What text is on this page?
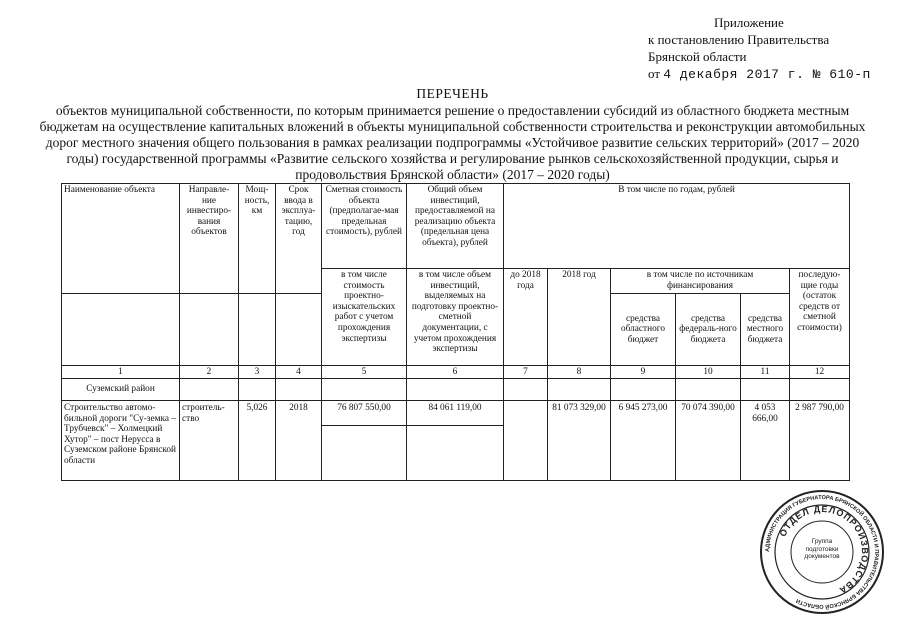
Приложение
к постановлению Правительства
Брянской области
от 4 декабря 2017 г. № 610-п
ПЕРЕЧЕНЬ
объектов муниципальной собственности, по которым принимается решение о предоставлении субсидий из областного бюджета местным бюджетам на осуществление капитальных вложений в объекты муниципальной собственности строительства и реконструкции автомобильных дорог местного значения общего пользования в рамках реализации подпрограммы «Устойчивое развитие сельских территорий» (2017 – 2020 годы) государственной программы «Развитие сельского хозяйства и регулирование рынков сельскохозяйственной продукции, сырья и продовольствия Брянской области» (2017 – 2020 годы)
Наименование объекта	Направле-ние инвестиро-вания объектов	Мощ-ность, км	Срок ввода в эксплуа-тацию, год	Сметная стоимость объекта (предполагае-мая предельная стоимость), рублей	Общий объем инвестиций, предоставляемой на реализацию объекта (предельная цена объекта), рублей	В том числе по годам, рублей					
				в том числе стоимость проектно-изыскательских работ с учетом прохождения экспертизы	в том числе объем инвестиций, выделяемых на подготовку проектно-сметной документации, с учетом прохождения экспертизы	до 2018 года	2018 год	в том числе по источникам финансирования			последую-щие годы (остаток средств от сметной стоимости)
								средства областного бюджет	средства федераль-ного бюджета	средства местного бюджета	
1	2	3	4	5	6	7	8	9	10	11	12
Суземский район											
Строительство автомо-бильной дороги "Су-земка – Трубчевск" – Холмецкий Хутор" – пост Неруссa в Суземском районе Брянской области	строитель-ство	5,026	2018	76 807 550,00	84 061 119,00		81 073 329,00	6 945 273,00	70 074 390,00	4 053 666,00	2 987 790,00

АДМИНИСТРАЦИЯ ГУБЕРНАТОРА БРЯНСКОЙ ОБЛАСТИ И ПРАВИТЕЛЬСТВА БРЯНСКОЙ ОБЛАСТИ
ОТДЕЛ ДЕЛОПРОИЗВОДСТВА
Группа подготовки документов
